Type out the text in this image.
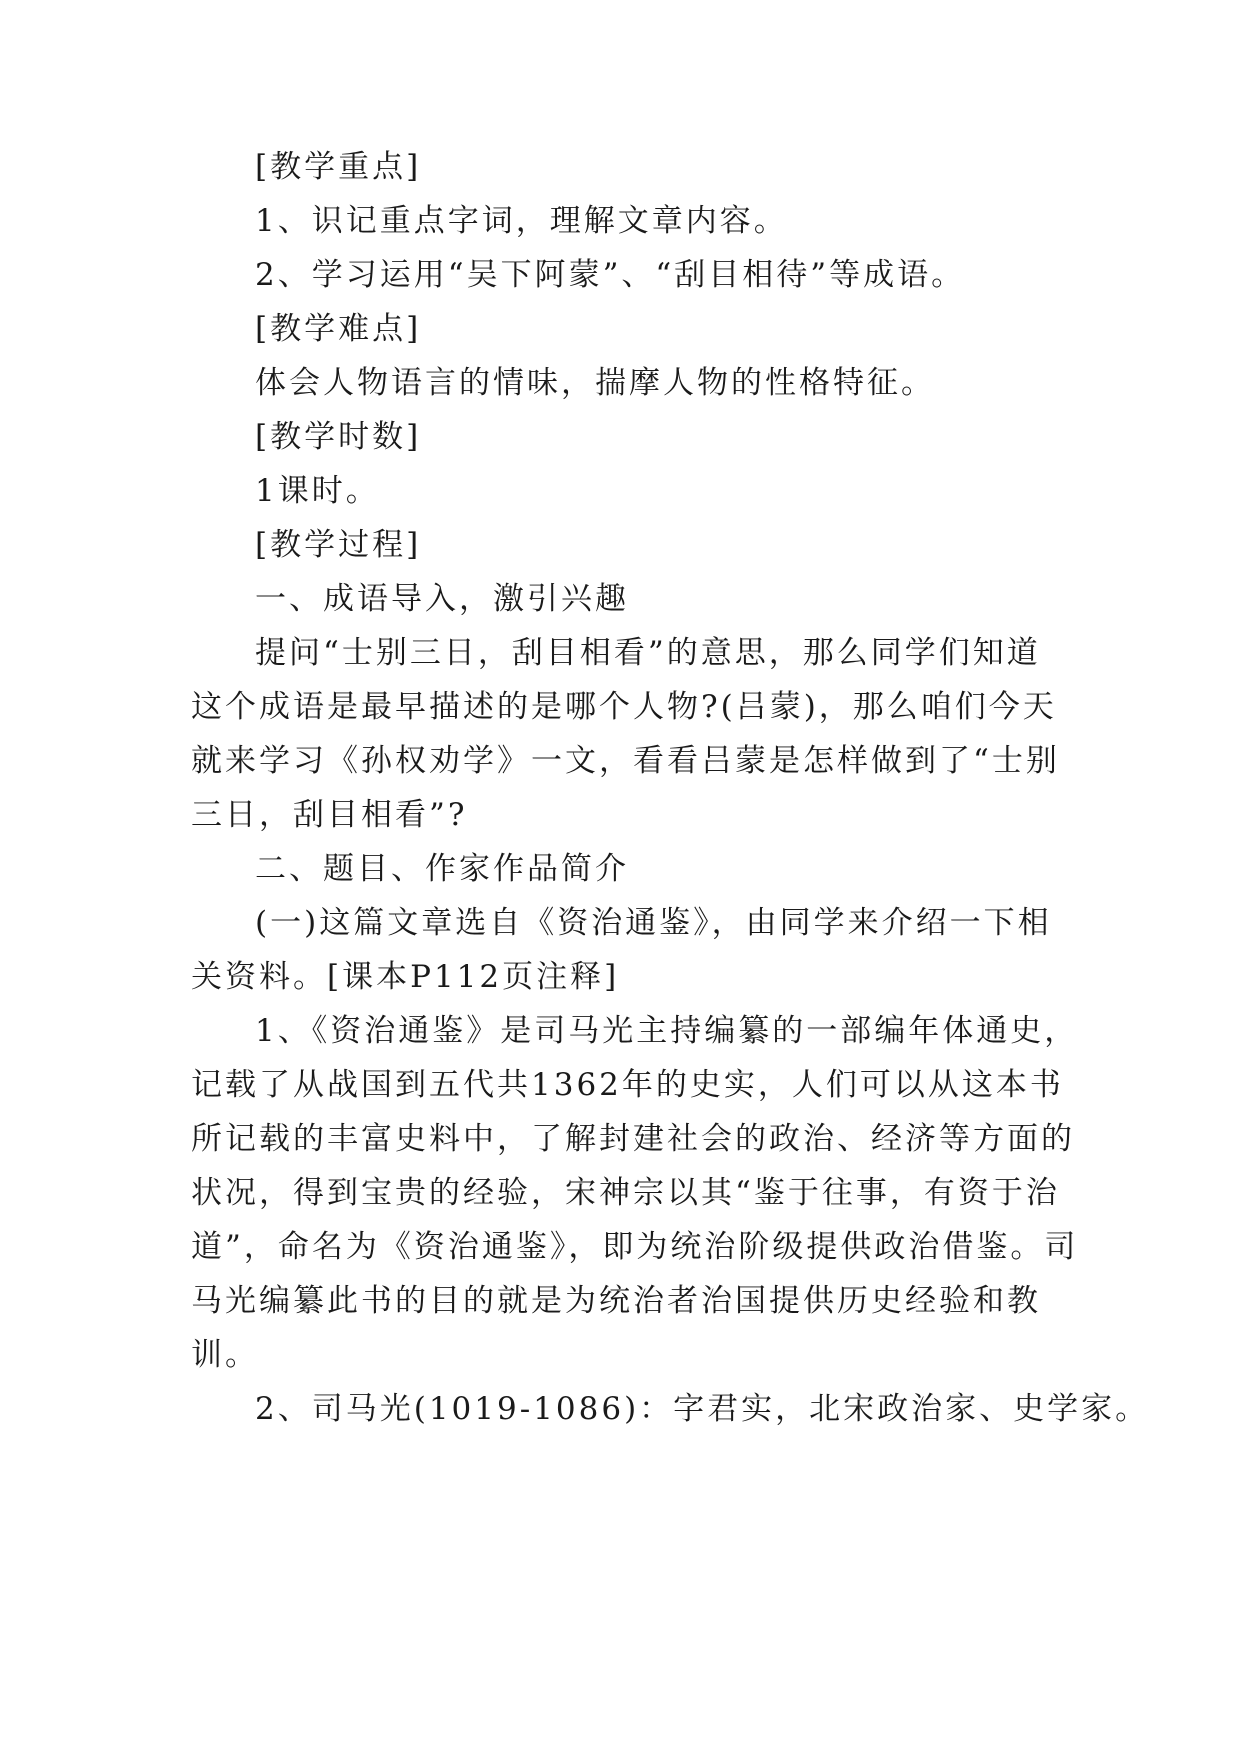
[教学重点]
1、识记重点字词，理解文章内容。
2、学习运用“吴下阿蒙”、“刮目相待”等成语。
[教学难点]
体会人物语言的情味，揣摩人物的性格特征。
[教学时数]
1课时。
[教学过程]
一、成语导入，激引兴趣
提问“士别三日，刮目相看”的意思，那么同学们知道
这个成语是最早描述的是哪个人物?(吕蒙)，那么咱们今天
就来学习《孙权劝学》一文，看看吕蒙是怎样做到了“士别
三日，刮目相看”?
二、题目、作家作品简介
(一)这篇文章选自《资治通鉴》，由同学来介绍一下相
关资料。[课本P112页注释]
1、《资治通鉴》是司马光主持编纂的一部编年体通史，
记载了从战国到五代共1362年的史实，人们可以从这本书
所记载的丰富史料中，了解封建社会的政治、经济等方面的
状况，得到宝贵的经验，宋神宗以其“鉴于往事，有资于治
道”，命名为《资治通鉴》，即为统治阶级提供政治借鉴。司
马光编纂此书的目的就是为统治者治国提供历史经验和教
训。
2、司马光(1019-1086)：字君实，北宋政治家、史学家。
